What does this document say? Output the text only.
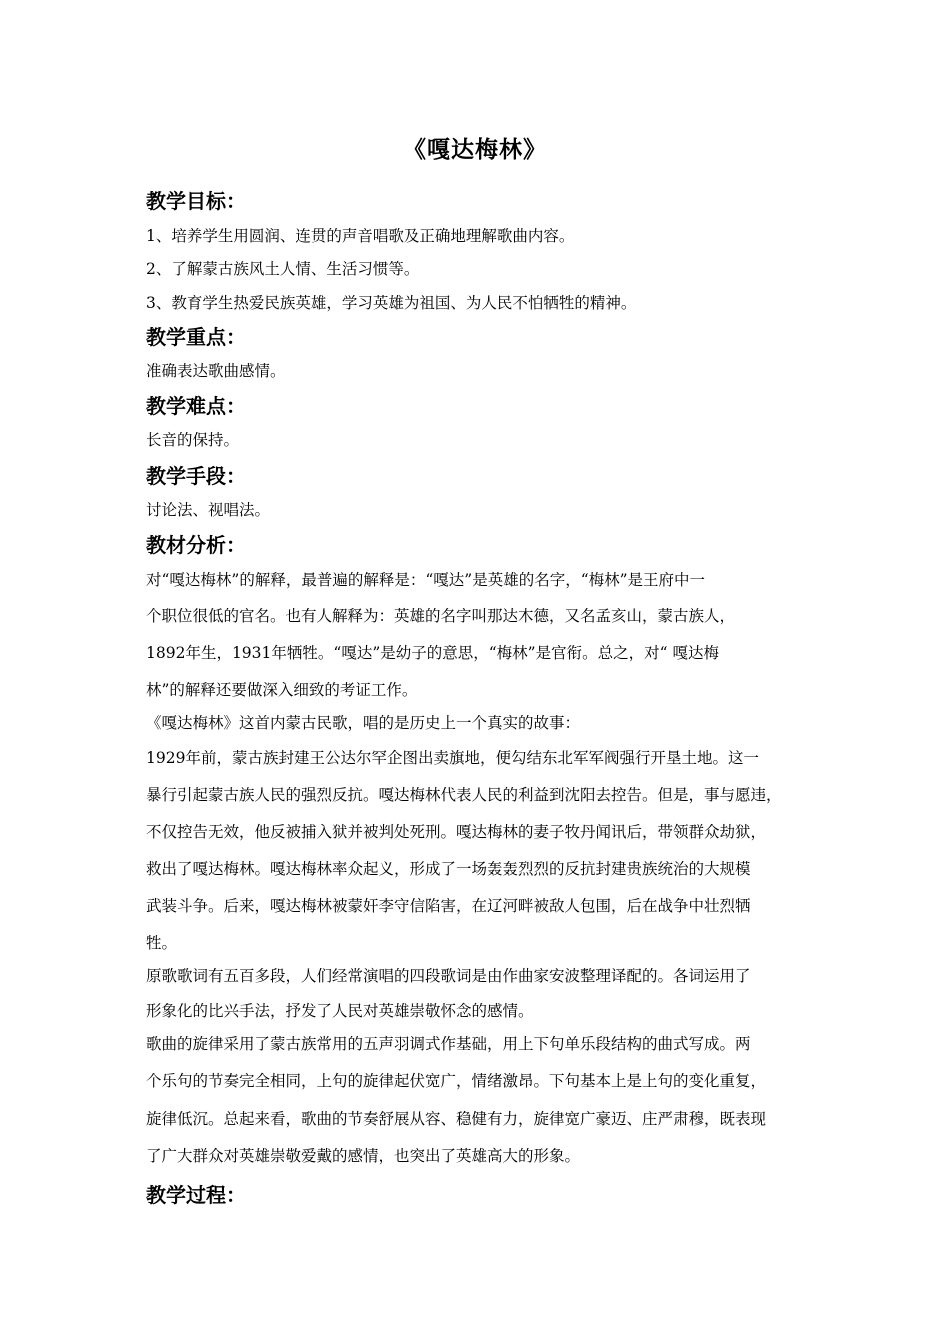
《嘎达梅林》
教学目标：
1、培养学生用圆润、连贯的声音唱歌及正确地理解歌曲内容。
2、了解蒙古族风土人情、生活习惯等。
3、教育学生热爱民族英雄，学习英雄为祖国、为人民不怕牺牲的精神。
教学重点：
准确表达歌曲感情。
教学难点：
长音的保持。
教学手段：
讨论法、视唱法。
教材分析：
对“嘎达梅林”的解释，最普遍的解释是：“嘎达”是英雄的名字，“梅林”是王府中一
个职位很低的官名。也有人解释为：英雄的名字叫那达木德，又名孟亥山，蒙古族人，
1892年生，1931年牺牲。“嘎达”是幼子的意思，“梅林”是官衔。总之，对“ 嘎达梅
林”的解释还要做深入细致的考证工作。
《嘎达梅林》这首内蒙古民歌，唱的是历史上一个真实的故事：
1929年前，蒙古族封建王公达尔罕企图出卖旗地，便勾结东北军军阀强行开垦土地。这一
暴行引起蒙古族人民的强烈反抗。嘎达梅林代表人民的利益到沈阳去控告。但是，事与愿违，
不仅控告无效，他反被捕入狱并被判处死刑。嘎达梅林的妻子牧丹闻讯后，带领群众劫狱，
救出了嘎达梅林。嘎达梅林率众起义，形成了一场轰轰烈烈的反抗封建贵族统治的大规模
武装斗争。后来，嘎达梅林被蒙奸李守信陷害，在辽河畔被敌人包围，后在战争中壮烈牺
牲。
原歌歌词有五百多段，人们经常演唱的四段歌词是由作曲家安波整理译配的。各词运用了
形象化的比兴手法，抒发了人民对英雄崇敬怀念的感情。
歌曲的旋律采用了蒙古族常用的五声羽调式作基础，用上下句单乐段结构的曲式写成。两
个乐句的节奏完全相同，上句的旋律起伏宽广，情绪激昂。下句基本上是上句的变化重复，
旋律低沉。总起来看，歌曲的节奏舒展从容、稳健有力，旋律宽广豪迈、庄严肃穆，既表现
了广大群众对英雄崇敬爱戴的感情，也突出了英雄高大的形象。
教学过程：
